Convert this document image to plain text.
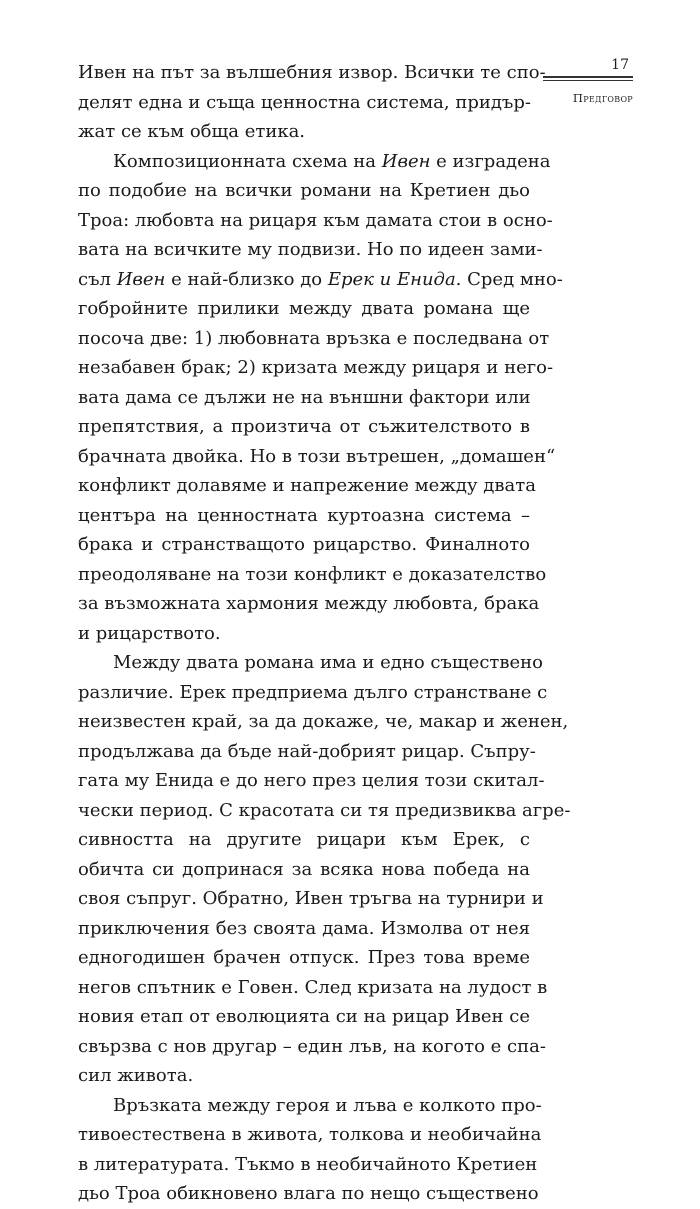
17
Предговор
Ивен на път за вълшебния извор. Всички те спо-
делят една и съща ценностна система, придър-
жат се към обща етика.
Композиционната схема на Ивен е изградена
по подобие на всички романи на Кретиен дьо
Троа: любовта на рицаря към дамата стои в осно-
вата на всичките му подвизи. Но по идеен зами-
съл Ивен е най-близко до Ерек и Енида. Сред мно-
гобройните прилики между двата романа ще
посоча две: 1) любовната връзка е последвана от
незабавен брак; 2) кризата между рицаря и него-
вата дама се дължи не на външни фактори или
препятствия, а произтича от съжителството в
брачната двойка. Но в този вътрешен, „домашен“
конфликт долавяме и напрежение между двата
центъра на ценностната куртоазна система –
брака и странстващото рицарство. Финалното
преодоляване на този конфликт е доказателство
за възможната хармония между любовта, брака
и рицарството.
Между двата романа има и едно съществено
различие. Ерек предприема дълго странстване с
неизвестен край, за да докаже, че, макар и женен,
продължава да бъде най-добрият рицар. Съпру-
гата му Енида е до него през целия този скитал-
чески период. С красотата си тя предизвиква агре-
сивността на другите рицари към Ерек, с
обичта си допринася за всяка нова победа на
своя съпруг. Обратно, Ивен тръгва на турнири и
приключения без своята дама. Измолва от нея
едногодишен брачен отпуск. През това време
негов спътник е Говен. След кризата на лудост в
новия етап от еволюцията си на рицар Ивен се
свързва с нов другар – един лъв, на когото е спа-
сил живота.
Връзката между героя и лъва е колкото про-
тивоестествена в живота, толкова и необичайна
в литературата. Тъкмо в необичайното Кретиен
дьо Троа обикновено влага по нещо съществено
